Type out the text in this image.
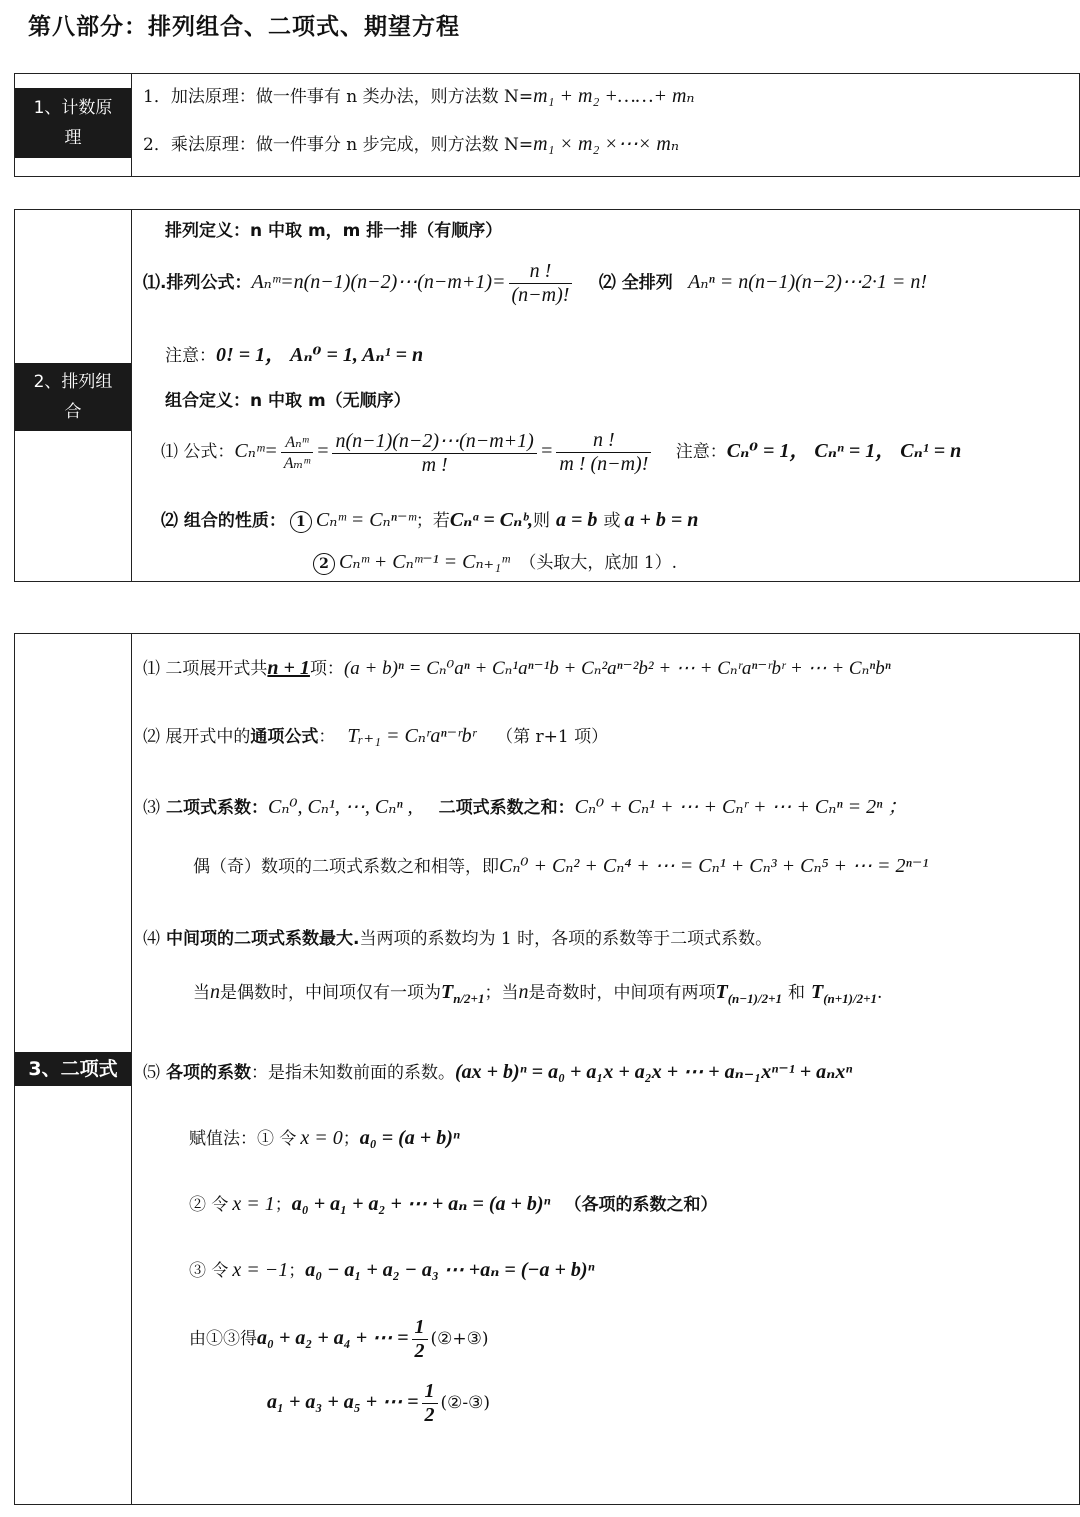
第八部分：排列组合、二项式、期望方程
1、计数原
理
1．加法原理：做一件事有 n 类办法，则方法数 N=m₁ + m₂ +……+ mₙ
2．乘法原理：做一件事分 n 步完成，则方法数 N=m₁ × m₂ ×⋯× mₙ
2、排列组
合
排列定义：n 中取 m，m 排一排（有顺序）
⑴.排列公式：Aₙᵐ=n(n−1)(n−2)⋯(n−m+1)= $\frac{n !}{(n-m)!}$ ⑵ 全排列 Aₙⁿ = n(n−1)(n−2)⋯2·1 = n!
注意：0! = 1， Aₙ⁰ = 1, Aₙ¹ = n
组合定义：n 中取 m（无顺序）
⑴ 公式：Cₙᵐ= $\frac{\text{Aₙᵐ}}{\text{Aₘᵐ}} = \frac{n(n-1)(n-2)\cdots(n-m+1)}{m !} = \frac{n !}{m ! (n-m)!}$ 注意：Cₙ⁰ = 1， Cₙⁿ = 1， Cₙ¹ = n
⑵ 组合的性质： 1 Cₙᵐ = Cₙⁿ⁻ᵐ；若Cₙᵃ = Cₙᵇ,则 a = b 或 a + b = n
2 Cₙᵐ + Cₙᵐ⁻¹ = Cₙ₊₁ᵐ （头取大，底加 1）.
3、二项式
⑴ 二项展开式共n + 1项：(a + b)ⁿ = Cₙ⁰aⁿ + Cₙ¹aⁿ⁻¹b + Cₙ²aⁿ⁻²b² + ⋯ + Cₙʳaⁿ⁻ʳbʳ + ⋯ + Cₙⁿbⁿ
⑵ 展开式中的通项公式： Tᵣ₊₁ = Cₙʳaⁿ⁻ʳbʳ （第 r+1 项）
⑶ 二项式系数：Cₙ⁰, Cₙ¹, ⋯, Cₙⁿ , 二项式系数之和：Cₙ⁰ + Cₙ¹ + ⋯ + Cₙʳ + ⋯ + Cₙⁿ = 2ⁿ ；
偶（奇）数项的二项式系数之和相等，即Cₙ⁰ + Cₙ² + Cₙ⁴ + ⋯ = Cₙ¹ + Cₙ³ + Cₙ⁵ + ⋯ = 2ⁿ⁻¹
⑷ 中间项的二项式系数最大.当两项的系数均为 1 时，各项的系数等于二项式系数。
当n是偶数时，中间项仅有一项为$T_{n/2+1}$；当n是奇数时，中间项有两项$T_{(n-1)/2+1}$ 和 $T_{(n+1)/2+1}$.
⑸ 各项的系数：是指未知数前面的系数。(ax + b)ⁿ = a₀ + a₁x + a₂x + ⋯ + aₙ₋₁xⁿ⁻¹ + aₙxⁿ
赋值法：① 令 x = 0；a₀ = (a + b)ⁿ
② 令 x = 1；a₀ + a₁ + a₂ + ⋯ + aₙ = (a + b)ⁿ （各项的系数之和）
③ 令 x = −1；a₀ − a₁ + a₂ − a₃ ⋯ +aₙ = (−a + b)ⁿ
由①③得a₀ + a₂ + a₄ + ⋯ = $\frac{1}{2}$ (②+③)
a₁ + a₃ + a₅ + ⋯ = $\frac{1}{2}$ (②-③)
